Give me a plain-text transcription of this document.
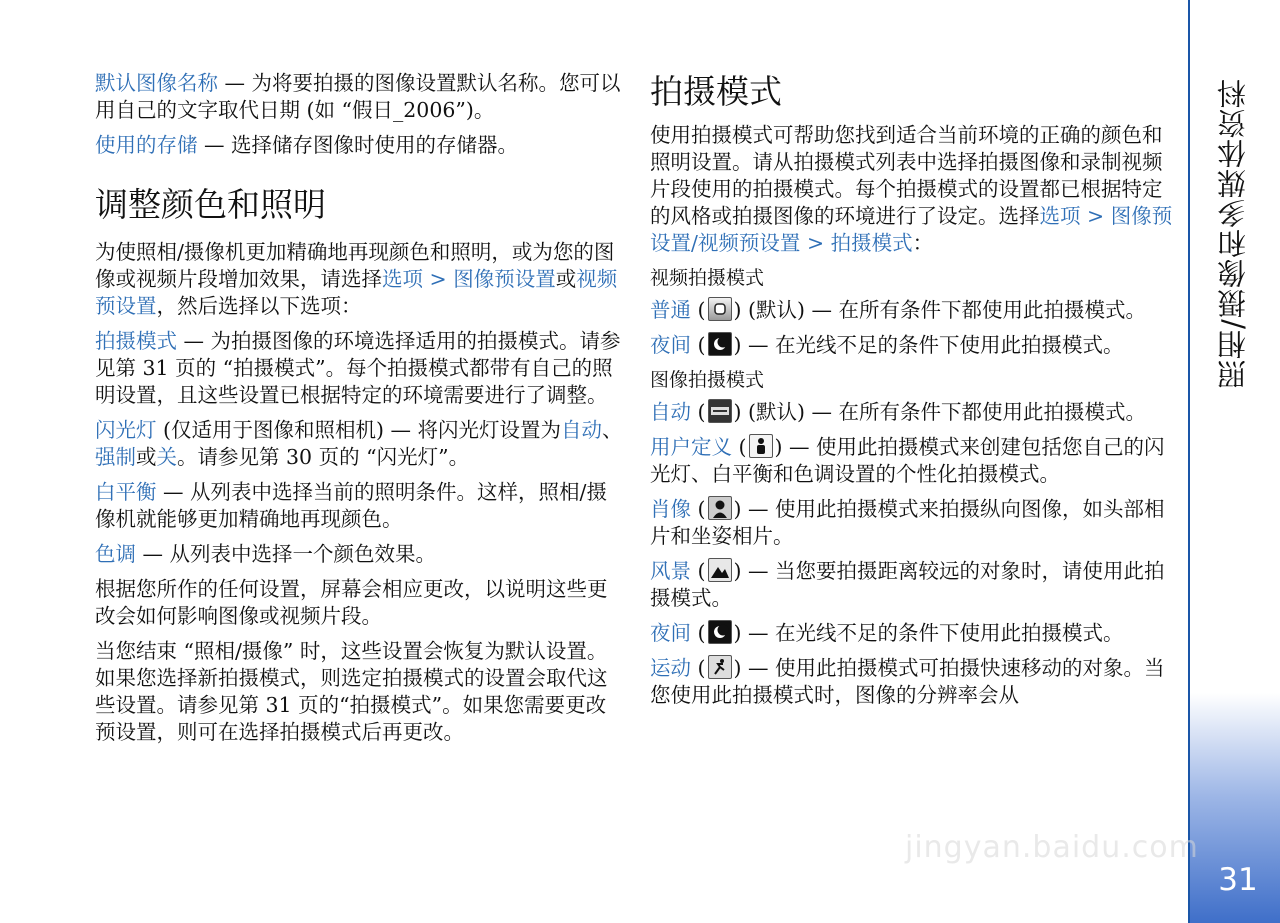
默认图像名称 — 为将要拍摄的图像设置默认名称。您可以用自己的文字取代日期 (如 “假日_2006”)。

使用的存储 — 选择储存图像时使用的存储器。

调整颜色和照明

为使照相/摄像机更加精确地再现颜色和照明，或为您的图像或视频片段增加效果，请选择选项 > 图像预设置或视频预设置，然后选择以下选项：

拍摄模式 — 为拍摄图像的环境选择适用的拍摄模式。请参见第 31 页的 “拍摄模式”。每个拍摄模式都带有自己的照明设置，且这些设置已根据特定的环境需要进行了调整。

闪光灯 (仅适用于图像和照相机) — 将闪光灯设置为自动、强制或关。请参见第 30 页的 “闪光灯”。

白平衡 — 从列表中选择当前的照明条件。这样，照相/摄像机就能够更加精确地再现颜色。

色调 — 从列表中选择一个颜色效果。

根据您所作的任何设置，屏幕会相应更改，以说明这些更改会如何影响图像或视频片段。

当您结束 “照相/摄像” 时，这些设置会恢复为默认设置。如果您选择新拍摄模式，则选定拍摄模式的设置会取代这些设置。请参见第 31 页的“拍摄模式”。如果您需要更改预设置，则可在选择拍摄模式后再更改。

拍摄模式

使用拍摄模式可帮助您找到适合当前环境的正确的颜色和照明设置。请从拍摄模式列表中选择拍摄图像和录制视频片段使用的拍摄模式。每个拍摄模式的设置都已根据特定的风格或拍摄图像的环境进行了设定。选择选项 > 图像预设置/视频预设置 > 拍摄模式：

视频拍摄模式

普通 ( ) (默认) — 在所有条件下都使用此拍摄模式。

夜间 ( ) — 在光线不足的条件下使用此拍摄模式。

图像拍摄模式

自动 ( ) (默认) — 在所有条件下都使用此拍摄模式。

用户定义 ( ) — 使用此拍摄模式来创建包括您自己的闪光灯、白平衡和色调设置的个性化拍摄模式。

肖像 ( ) — 使用此拍摄模式来拍摄纵向图像，如头部相片和坐姿相片。

风景 ( ) — 当您要拍摄距离较远的对象时，请使用此拍摄模式。

夜间 ( ) — 在光线不足的条件下使用此拍摄模式。

运动 ( ) — 使用此拍摄模式可拍摄快速移动的对象。当您使用此拍摄模式时，图像的分辨率会从

照相/摄像和多媒体资料
31
jingyan.baidu.com
